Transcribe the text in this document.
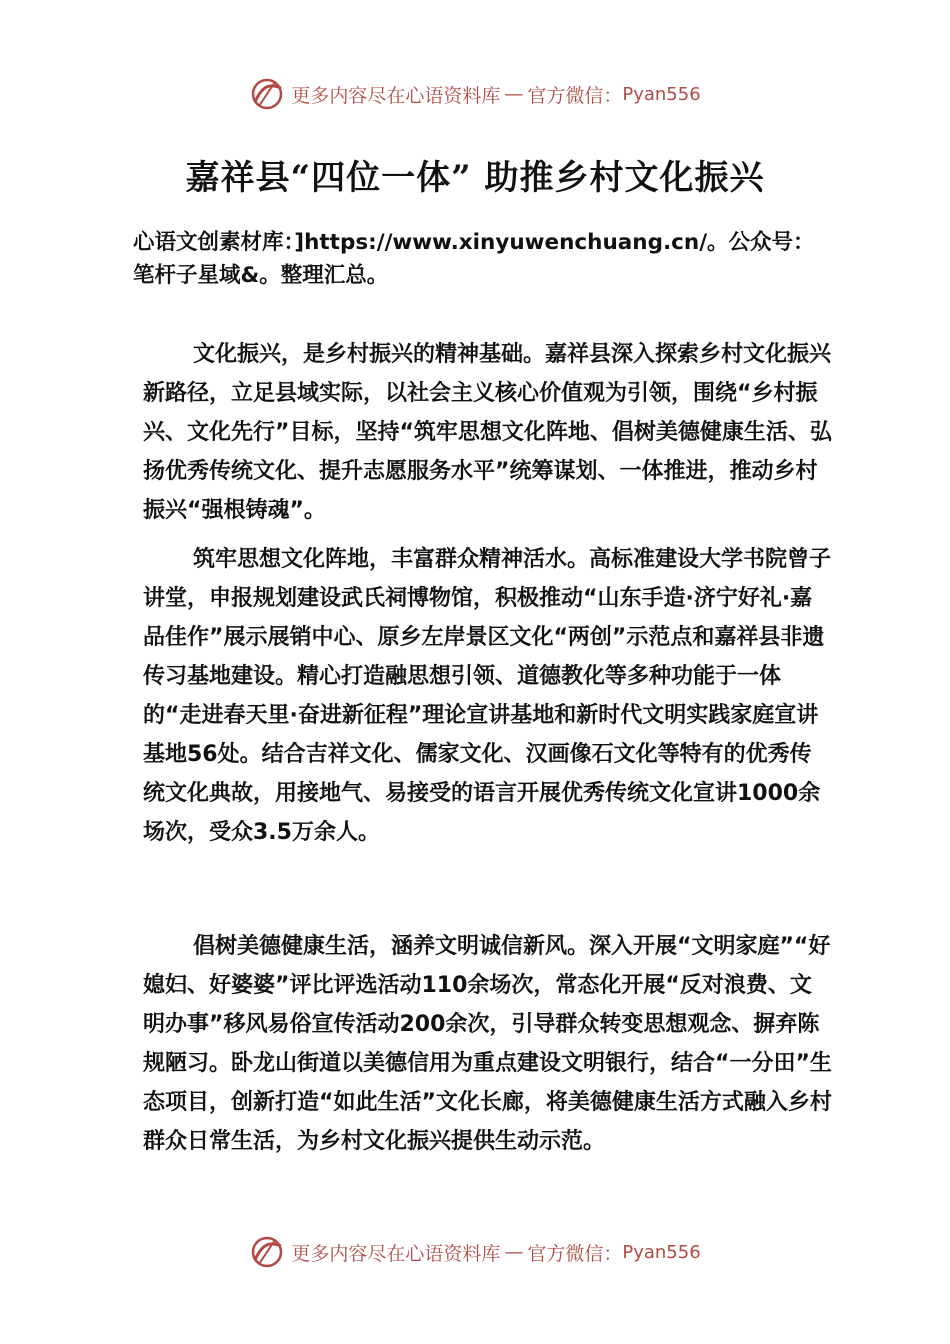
更多内容尽在心语资料库 — 官方微信： Pyan556
嘉祥县“四位一体” 助推乡村文化振兴

心语文创素材库：]https://www.xinyuwenchuang.cn/。公众号：笔杆子星域&。整理汇总。

文化振兴，是乡村振兴的精神基础。嘉祥县深入探索乡村文化振兴新路径，立足县域实际，以社会主义核心价值观为引领，围绕“乡村振兴、文化先行”目标，坚持“筑牢思想文化阵地、倡树美德健康生活、弘扬优秀传统文化、提升志愿服务水平”统筹谋划、一体推进，推动乡村振兴“强根铸魂”。

筑牢思想文化阵地，丰富群众精神活水。高标准建设大学书院曾子讲堂，申报规划建设武氏祠博物馆，积极推动“山东手造·济宁好礼·嘉品佳作”展示展销中心、原乡左岸景区文化“两创”示范点和嘉祥县非遗传习基地建设。精心打造融思想引领、道德教化等多种功能于一体的“走进春天里·奋进新征程”理论宣讲基地和新时代文明实践家庭宣讲基地56处。结合吉祥文化、儒家文化、汉画像石文化等特有的优秀传统文化典故，用接地气、易接受的语言开展优秀传统文化宣讲1000余场次，受众3.5万余人。

倡树美德健康生活，涵养文明诚信新风。深入开展“文明家庭”“好媳妇、好婆婆”评比评选活动110余场次，常态化开展“反对浪费、文明办事”移风易俗宣传活动200余次，引导群众转变思想观念、摒弃陈规陋习。卧龙山街道以美德信用为重点建设文明银行，结合“一分田”生态项目，创新打造“如此生活”文化长廊，将美德健康生活方式融入乡村群众日常生活，为乡村文化振兴提供生动示范。

更多内容尽在心语资料库 — 官方微信： Pyan556
